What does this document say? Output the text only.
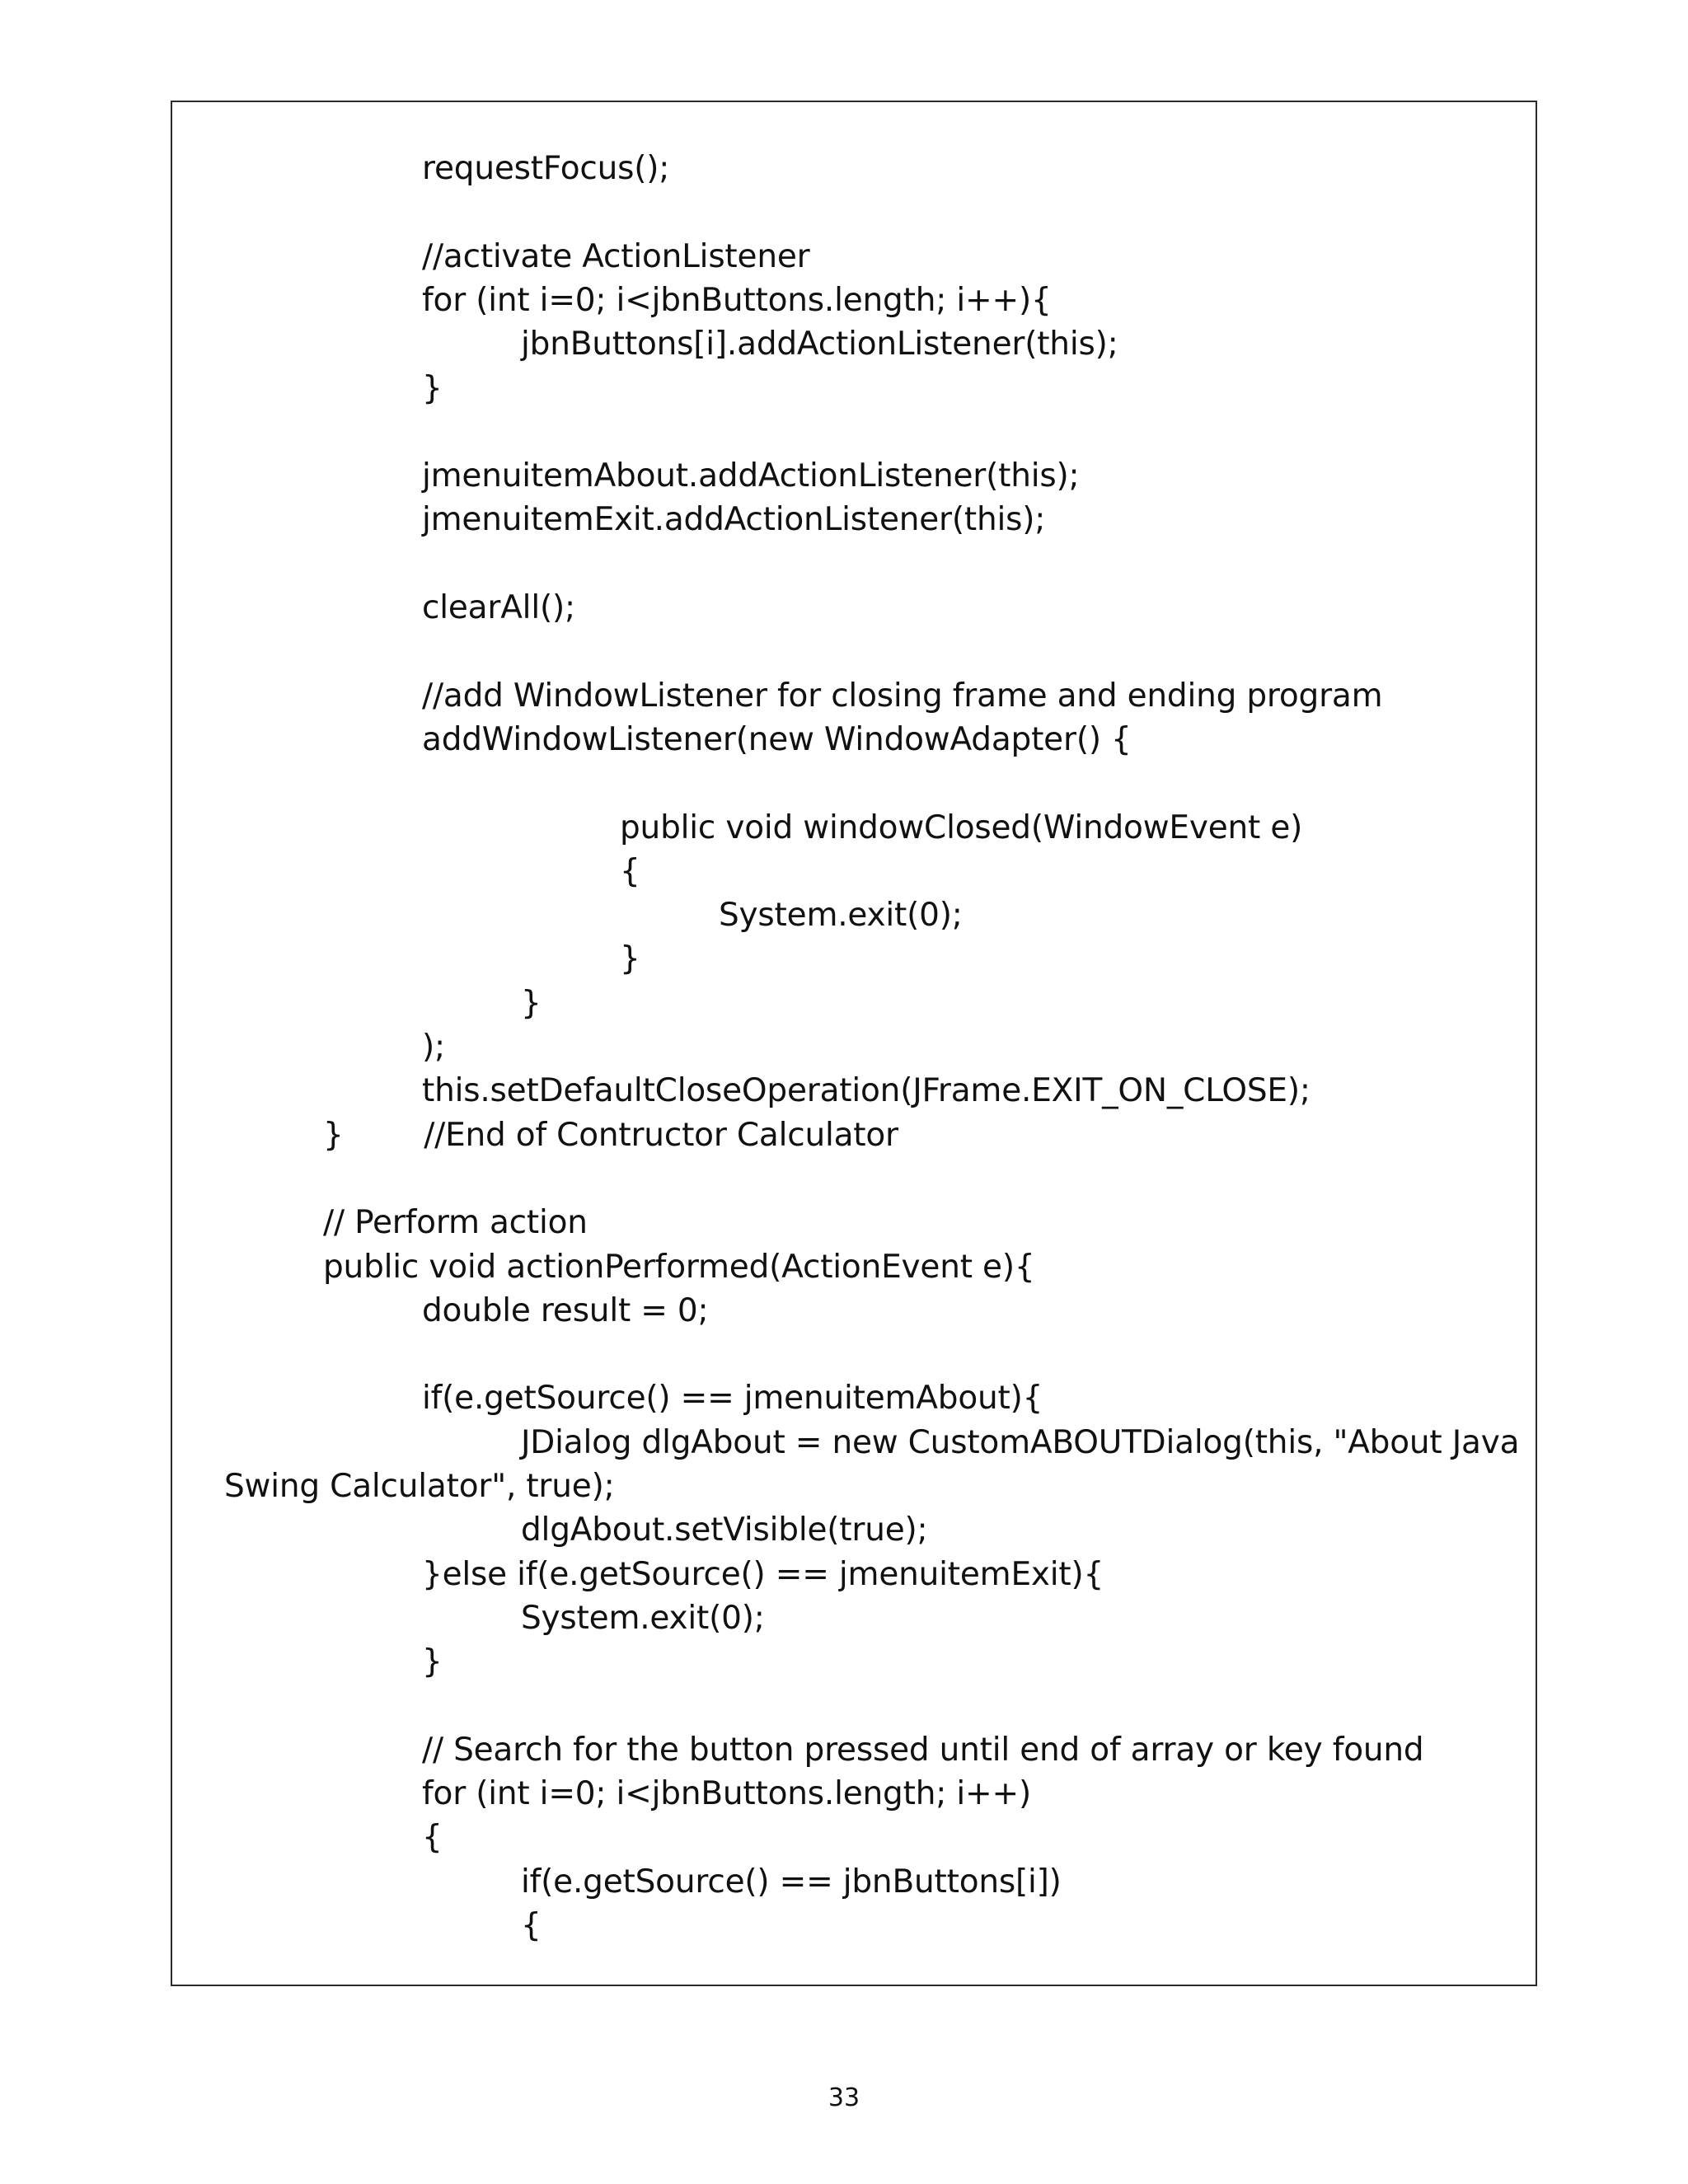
requestFocus();
//activate ActionListener
for (int i=0; i<jbnButtons.length; i++){
jbnButtons[i].addActionListener(this);
}
jmenuitemAbout.addActionListener(this);
jmenuitemExit.addActionListener(this);
clearAll();
//add WindowListener for closing frame and ending program
addWindowListener(new WindowAdapter() {
public void windowClosed(WindowEvent e)
{
System.exit(0);
}
}
);
this.setDefaultCloseOperation(JFrame.EXIT_ON_CLOSE);
}        //End of Contructor Calculator
// Perform action
public void actionPerformed(ActionEvent e){
double result = 0;
if(e.getSource() == jmenuitemAbout){
JDialog dlgAbout = new CustomABOUTDialog(this, "About Java
Swing Calculator", true);
dlgAbout.setVisible(true);
}else if(e.getSource() == jmenuitemExit){
System.exit(0);
}
// Search for the button pressed until end of array or key found
for (int i=0; i<jbnButtons.length; i++)
{
if(e.getSource() == jbnButtons[i])
{
33
